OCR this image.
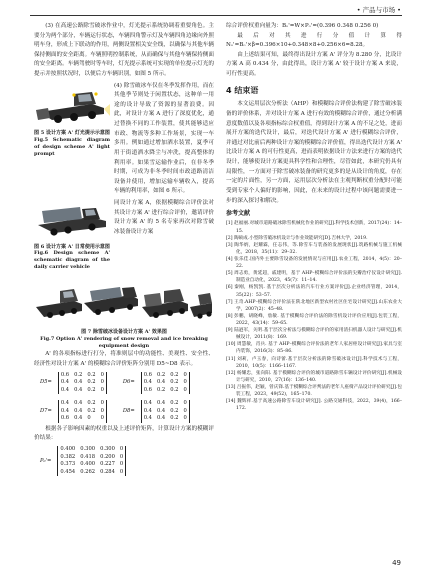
• 产品与市场 •

(3) 在高速公路除雪破冰作业中，灯光提示系统协调着重要角色。主要分为两个部分，车辆运行状态，车辆四角警示灯及车辆四角边缘向外照明车身，形成上下联动的作用，两侧设置相关安全线，以确保与其他车辆保持侧面的安全距离。车辆照明控制系统，从而确保与其他车辆保持侧面的安全距离。车辆驾驶时等车时，灯光提示系统可实现的单位提示灯光的提示并按照状况时，以便后方车辆识别，如图 5 所示。

图 5 设计方案 A' 灯光提示示意图
Fig.5 Schematic diagram of design scheme A' light prompt

(4) 除雪破冰车仅在冬季发挥作用，而在其他季节则处于闲置状态，这种单一用途的设计导致了资源的显著浪费。因此，对设计方案 A 进行了深度优化，通过替换不同的工作装置，使其能够适应市政、物流等多种工作场景，实现一车多用。例如通过增加洒水装置，夏季可用于街道洒水降尘与冲洗，提高整体的利用率。如果雪运输作业后，在非冬季时期，可成为非冬季时间市政道路清洁设备并使用，增加运输车辆收入，提高车辆的利用率，如图 6 所示。

图 6 设计方案 A' 日常使用示意图
Fig.6 Design scheme A' schematic diagram of the daily carrier vehicle

同设计方案 A，依据模糊综合评价法对其设计方案 A' 进行综合评价，邀请评价设计方案 A' 的 5 名专家再次对除雪破冰装备设计方案

图 7 除雪破冰设备设计方案 A' 效果图
Fig.7 Option A' rendering of snow removal and ice breaking equipment design

A' 的各项指标进行打分，将准则层中的功能性、美观性、安全性、经济性对设计方案 A' 的模糊综合评价矩阵分别用 D5~D8 表示。

D5=
0.6 0.2 0.2 0
0.4 0.4 0.2 0
0.4 0.4 0.2 0
D6=
0.6 0.2 0.2 0
0.4 0.4 0.2 0
0.6 0.2 0.2 0
D7=
0.4 0.4 0.2 0
0.4 0.4 0.2 0
0.6 0.4 0	0
D8=
0.4 0.4 0.2 0
0.4 0.4 0.2 0
0.4 0.4 0.2 0

根据各子影响因素的权重以及上述评价矩阵，计算设计方案的模糊评价结果：

P₀'=
0.400 0.300 0.300 0
0.382 0.418 0.200 0
0.373 0.400 0.227 0
0.454 0.262 0.284 0

综合评价权重向量为：Bₒ'=W×Pₒ'=(0.396 0.348 0.256 0)

最后对其进行分值计算得 Nₒ'=Bₒ'×β=0.396×10+0.348×8+0.256×6=8.28。

由上述结果可知，最终得出设计方案 A' 评分为 8.280 分，比设计方案 A 高 0.434 分，由此得出，设计方案 A' 较于设计方案 A 来说，可行性更高。

4 结束语

本文运用层次分析法（AHP）和模糊综合评价法构建了除雪破冰装备的评价体系，并对设计方案 A 进行有效的模糊综合评价，通过分析满意度数值以及各项指标综合权重值，得到设计方案 A 的不足之处，进而展开方案的迭代设计，最后，对迭代设计方案 A' 进行模糊综合评价，并通过对比前后两种设计方案的模糊综合评价值，得出迭代设计方案 A' 比设计方案 A 的可行性更高，进而表明依据设计方法来进行方案的迭代设计，能够使设计方案更具科学性和合理性，尽管如此，本研究仍具有局限性，一方面对于除雪破冰装备的研究更多的是从设计的角度，存在一定的片面性，另一方面，运用层次分析法在主观判断权重分配时可能受到专家个人偏好的影响，因此，在未来的设计过程中该问题需要进一步的深入探讨和解决。

参考文献
[1] 赵福丽.对城市道路破冰除雪机械化作业的研究[J].科学技术创新，2017(24)：14–15.
[2] 陶硕成.小型除雪破冰机设计与作业效能研究[D].吉林大学，2019.
[3] 陶华炳，赵耀霖，任志伟，等.除雪车与装备的发展现状[J].筑路机械与施工机械化，2018，35(11)：29–32.
[4] 张乐佳.国内外主要除雪设备的发展情况与应用[J].农业工程，2014，4(5)：20–22.
[5] 周志勇，黄延超，戚建明，基于 AHP–模糊综合评价法的尖瓣治疗仪设计研究[J].制造业自动化，2023，45(7)：11–14.
[6] 秦刚，杨凯凯. 基于层次分析法的汽车行业方案评价[J].企业经济管理，2014，35(22)：53–57.
[7] 王奇.AHP–模糊综合评价法在陕北地区新型农村社区住宅设计研究[J].山东农业大学，2007(2)：45–48.
[8] 彭鹏，胡晓峰，詹敏. 基于模糊综合评价法的除雪机设计评价应用[J].包装工程，2022，43(14)：59–65.
[9] 陆逊军，关明.基于层次分析法与模糊综合评价的家用清扫机器人设计与研究[J].机械设计，2011(8)：169.
[10] 周慧敏，肖兵. 基于 AHP–模糊综合评价法的老年人家居柜设计研究[J].家具与室内装饰，2016(3)：85–86.
[11] 刘莉，卢玉春，向诗蕾.基于层次分析法的除雪破冰设计[J].科学技术与工程，2010，10(5)：1166–1167.
[12] 杨耀忠，张向阳. 基于模糊综合评价的城市道路除雪车辆设计评价研究[J].机械设计与研究，2010，27(16)：136–140.
[13] 吕振伟，赵颖，曾庆锋.基于模糊综合评判法的老年人座椅产品设计评价研究[J].包装工程，2023，49(52)，165–170.
[14] 魏辉祥.基于高速公路除雪车设计研究[J]. 公路交通科技，2022，39(4)，166–172.
49
